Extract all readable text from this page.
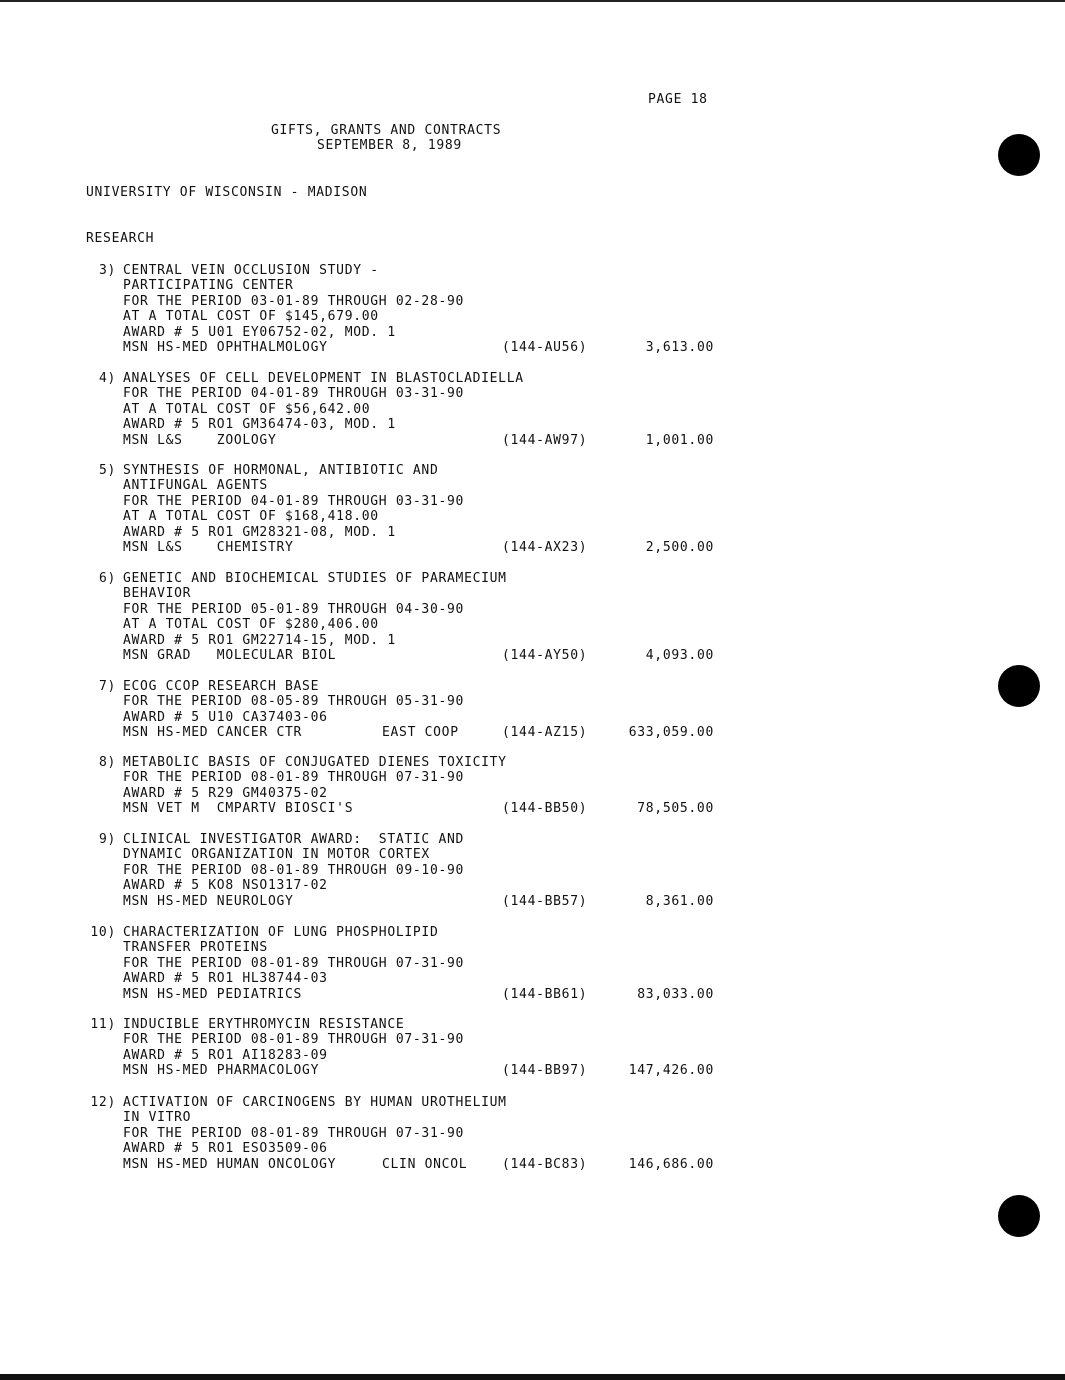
PAGE 18
GIFTS, GRANTS AND CONTRACTS
SEPTEMBER 8, 1989
UNIVERSITY OF WISCONSIN - MADISON
RESEARCH
3) CENTRAL VEIN OCCLUSION STUDY -
PARTICIPATING CENTER
FOR THE PERIOD 03-01-89 THROUGH 02-28-90
AT A TOTAL COST OF $145,679.00
AWARD # 5 U01 EY06752-02, MOD. 1
MSN HS-MED OPHTHALMOLOGY	(144-AU56)	3,613.00
4) ANALYSES OF CELL DEVELOPMENT IN BLASTOCLADIELLA
FOR THE PERIOD 04-01-89 THROUGH 03-31-90
AT A TOTAL COST OF $56,642.00
AWARD # 5 RO1 GM36474-03, MOD. 1
MSN L&S    ZOOLOGY	(144-AW97)	1,001.00
5) SYNTHESIS OF HORMONAL, ANTIBIOTIC AND
ANTIFUNGAL AGENTS
FOR THE PERIOD 04-01-89 THROUGH 03-31-90
AT A TOTAL COST OF $168,418.00
AWARD # 5 RO1 GM28321-08, MOD. 1
MSN L&S    CHEMISTRY	(144-AX23)	2,500.00
6) GENETIC AND BIOCHEMICAL STUDIES OF PARAMECIUM
BEHAVIOR
FOR THE PERIOD 05-01-89 THROUGH 04-30-90
AT A TOTAL COST OF $280,406.00
AWARD # 5 RO1 GM22714-15, MOD. 1
MSN GRAD   MOLECULAR BIOL	(144-AY50)	4,093.00
7) ECOG CCOP RESEARCH BASE
FOR THE PERIOD 08-05-89 THROUGH 05-31-90
AWARD # 5 U10 CA37403-06
MSN HS-MED CANCER CTR	EAST COOP	(144-AZ15)	633,059.00
8) METABOLIC BASIS OF CONJUGATED DIENES TOXICITY
FOR THE PERIOD 08-01-89 THROUGH 07-31-90
AWARD # 5 R29 GM40375-02
MSN VET M  CMPARTV BIOSCI'S	(144-BB50)	78,505.00
9) CLINICAL INVESTIGATOR AWARD:  STATIC AND
DYNAMIC ORGANIZATION IN MOTOR CORTEX
FOR THE PERIOD 08-01-89 THROUGH 09-10-90
AWARD # 5 KO8 NSO1317-02
MSN HS-MED NEUROLOGY	(144-BB57)	8,361.00
10) CHARACTERIZATION OF LUNG PHOSPHOLIPID
TRANSFER PROTEINS
FOR THE PERIOD 08-01-89 THROUGH 07-31-90
AWARD # 5 RO1 HL38744-03
MSN HS-MED PEDIATRICS	(144-BB61)	83,033.00
11) INDUCIBLE ERYTHROMYCIN RESISTANCE
FOR THE PERIOD 08-01-89 THROUGH 07-31-90
AWARD # 5 RO1 AI18283-09
MSN HS-MED PHARMACOLOGY	(144-BB97)	147,426.00
12) ACTIVATION OF CARCINOGENS BY HUMAN UROTHELIUM
IN VITRO
FOR THE PERIOD 08-01-89 THROUGH 07-31-90
AWARD # 5 RO1 ESO3509-06
MSN HS-MED HUMAN ONCOLOGY	CLIN ONCOL	(144-BC83)	146,686.00
